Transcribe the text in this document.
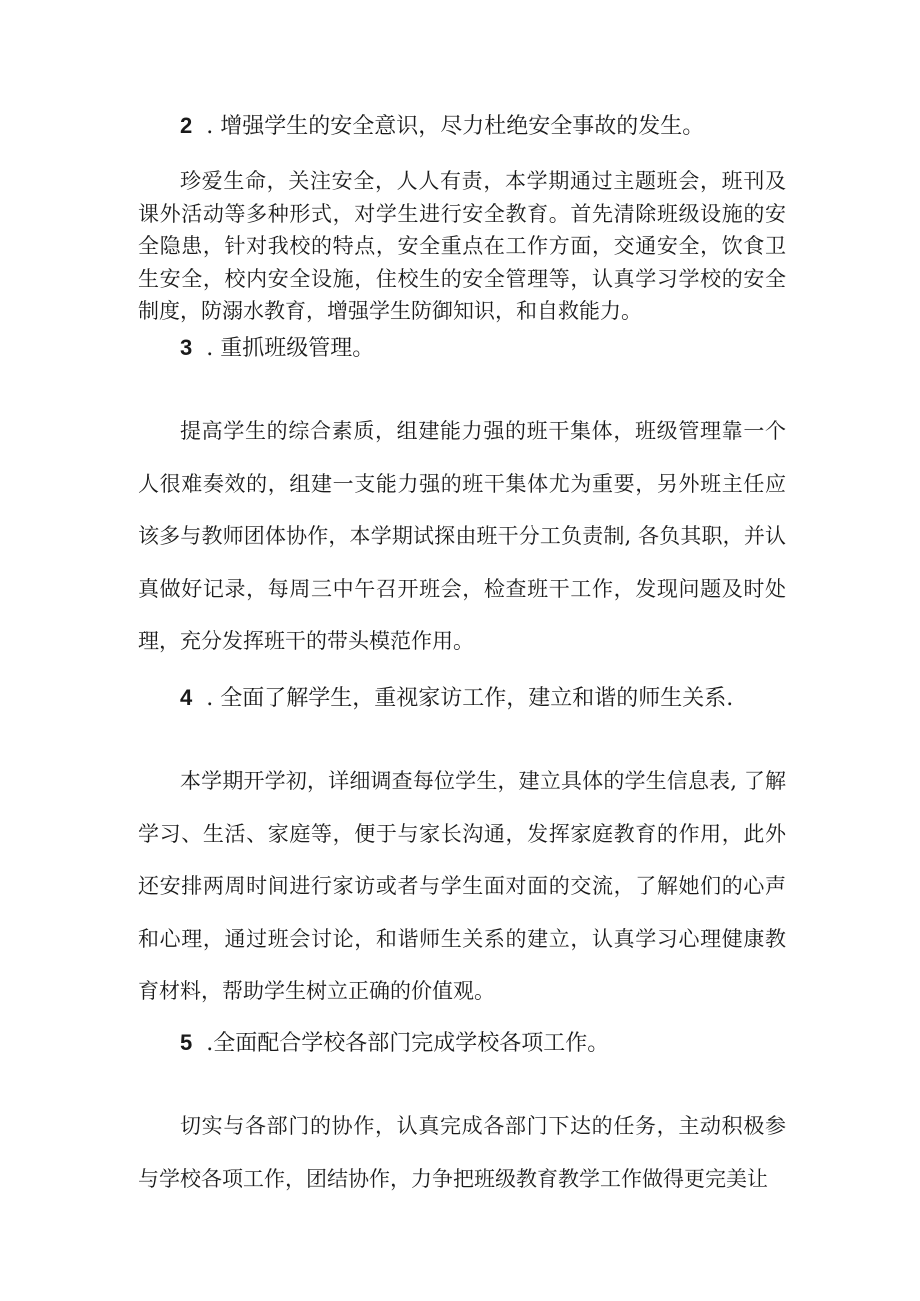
2 . 增强学生的安全意识，尽力杜绝安全事故的发生。

珍爱生命，关注安全，人人有责，本学期通过主题班会，班刊及课外活动等多种形式，对学生进行安全教育。首先清除班级设施的安全隐患，针对我校的特点，安全重点在工作方面，交通安全，饮食卫生安全，校内安全设施，住校生的安全管理等，认真学习学校的安全制度，防溺水教育，增强学生防御知识，和自救能力。

3 . 重抓班级管理。

提高学生的综合素质，组建能力强的班干集体，班级管理靠一个人很难奏效的，组建一支能力强的班干集体尤为重要，另外班主任应该多与教师团体协作，本学期试探由班干分工负责制, 各负其职，并认真做好记录，每周三中午召开班会，检查班干工作，发现问题及时处理，充分发挥班干的带头模范作用。

4 . 全面了解学生，重视家访工作，建立和谐的师生关系.

本学期开学初，详细调查每位学生，建立具体的学生信息表, 了解学习、生活、家庭等，便于与家长沟通，发挥家庭教育的作用，此外还安排两周时间进行家访或者与学生面对面的交流，了解她们的心声和心理，通过班会讨论，和谐师生关系的建立，认真学习心理健康教育材料，帮助学生树立正确的价值观。

5 .全面配合学校各部门完成学校各项工作。

切实与各部门的协作，认真完成各部门下达的任务，主动积极参与学校各项工作，团结协作，力争把班级教育教学工作做得更完美让
